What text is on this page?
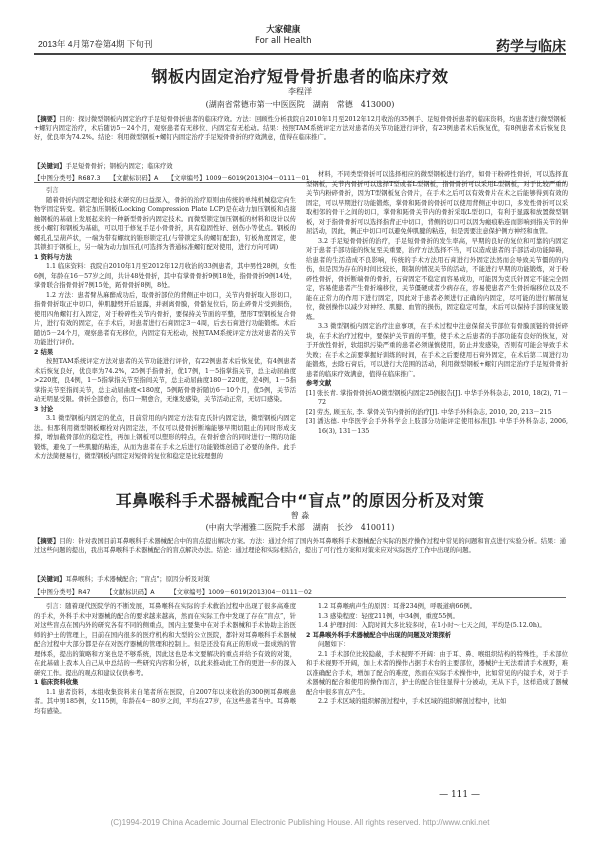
2013年 4月第7卷第4期 下旬刊
大家健康
For all Health	药学与临床
钢板内固定治疗短骨骨折患者的临床疗效
李程洋
(湖南省常德市第一中医医院　湖南　常德　413000)
【摘要】目的：探讨微型钢板内固定治疗手足短骨骨折患者的临床疗效。方法：回顾性分析我院自2010年1月至2012年12月收治的35例手、足短骨骨折患者的临床资料，均患者进行微型钢板+螺钉内固定治疗，术后随访5－24个月，观察患者有无移位、内固定有无松动。结果：按照TAM系统评定方法对患者的关节功能进行评价，有23例患者术后恢复优，有8例患者术后恢复良好，优良率为74.2%。结论：利用微型钢板+螺钉内固定治疗手足短骨骨折的疗效满意，值得在临床推广。
【关键词】手足短骨骨折；钢板内固定；临床疗效
【中图分类号】R687.3　　【文献标识码】A　　【文章编号】1009－6019(2013)04－0111－01

引言

随着骨折内固定理论和技术研究的日益深入，骨折的治疗原则由传统的单纯机械稳定向生物学固定转变。锁定加压钢板(Locking Compression Plate LCP)是在动力加压钢板和点接触钢板的基础上发展起来的一种新型骨折内固定技术。而微型锁定加压钢板的材料和设计以传统小螺钉和钢板为基础，可以用于修复手足小骨骨折，具有稳固性好、创伤小等优点。钢板的螺孔孔呈葫芦状，一端为带有螺纹的锥形锁定孔(与带锁定头的螺钉配套)，钉板角度固定，使其锁扣于钢板上，另一端为动力加压孔(可选择为普通标准螺钉配对使用，进行方向可调)

1 资料与方法

1.1 临床资料：我院自2010年1月至2012年12月收治的33例患者，其中男性28例，女性6例，年龄在16－57岁之间，共计48处骨折，其中有掌骨骨折9例18处，指骨骨折9例14处，掌骨联合指骨骨折7例15处，跖骨骨折8例，8处。

1.2 方法：患者臂丛麻醉成功后，取骨折部位的背侧正中切口，关节内骨折取入形切口，指骨骨折取正中切口，伸肌腱劈开后显露，并剥离骨膜，骨骼复位后，防止碎骨片受到损伤，使用四角螺钉打入固定，对于粉碎性关节内骨折，要保持关节面的平整，塑形T型钢板复合骨片，进行有效的固定，在手术后，对患者进行石膏固定3－4周，后去石膏进行功能锻炼。术后随访5－24个月，观察患者有无移位，内固定有无松动，按照TAM系统评定方法对患者的关节功能进行评价。

2 结果

按照TAM系统评定方法对患者的关节功能进行评价，有22例患者术后恢复优，有4例患者术后恢复良好，优良率为74.2%，25例手指骨折，优17例，1－5指掌指关节，总主动屈曲度>220度，良4例，1－5指掌指关节至指间关节，总主动屈曲度180－220度，差4例，1－5指掌指关节至指间关节，总主动屈曲度<180度，5例跖骨骨折随访6－10个月，优5例，关节活动无明显受限。骨折全部愈合，伤口一期愈合，无继发感染，关节活动正常，无切口感染。

3 讨论

3.1 微型钢板内固定的优点，目前常用的内固定方法有克氏针内固定法，微型钢板内固定法。但那利用微型钢板螺栓对内固定法，不仅可以使骨折断端能够早期切阻止的同时形成支撑，增加截骨部位的稳定性，再加上钢板可以塑形的特点，在骨折愈合的同时进行一期的功能锻炼，避免了一些肌腱的粘连，从而为患者在手术之后进行功能锻炼创造了必要的条件。此手术方法简便易行，微型钢板内固定对短骨的复位和稳定是比较理想的

材料，不同类型骨折可以选择相应的微型钢板进行治疗，如骨干粉碎性骨折，可以选择直型钢板，关节内骨折可以选择T型或者L型钢板，指骨骨折可以采用L型钢板，对于比较严重的关节内粉碎骨折，因为T型钢板复合骨片，在手术之后可以有效骨片在术之后能够得到有效的固定，可以早期进行功能锻炼，掌骨和跖骨的骨折可以使用背侧正中切口，多发性骨折可以采取相邻的骨干之间的切口，掌骨和跖骨关节内的骨折采取L型切口，有利于显露和放置微型钢板，对于指骨骨折可以选择指背正中切口，背侧的切口可以因为瘢痕粘连而影响到指关节的伸屈活动，因此，侧正中切口可以避免伸肌腱的粘连，但是需要注意保护侧方神经和血管。

3.2 手足短骨骨折的治疗，手足短骨骨折的发生率高，早期的良好的复位和可靠的内固定对于患者手部功能的恢复至关重要，治疗方法选择不当，可以造成患者的手部活动功能障碍，给患者的生活造成不良影响，传统的手术方法用石膏进行外固定法然而会导致关节僵的的内伤，但是因为存在的时间比较长，限制的情况关节的活动，不能进行早期的功能锻炼，对于粉碎性骨折，骨折断端骨的骨折，石膏固定不稳定而容易成功，可能因为克氏针固定不能完全固定，容易使患者产生骨折端移位，关节僵硬或者少病存在，容易使患者产生骨折端移位以及不能在正常力的作用下进行固定，因此对于患者必须进行正确的内固定，尽可能的进行解剖复位，微创操作以减少对神经、肌腱、血管的损伤，固定稳定可靠，术后可以保持手部的康复锻炼。

3.3 微型钢板内固定治疗注意事项，在手术过程中注意保留关节部位有骨膜顶链的骨折碎块，在手术治疗过程中，要保护关节面的平整，使手术之后患者的手部功能有良好的恢复，对于开放性骨折，软组织污染严重的患者必须谨慎使用，防止并发感染，否则有可能会导致手术失败；在手术之前要掌握好训练的时间，在手术之后要使用石膏外固定，在术后第二周进行功能锻炼，去除石膏后，可以进行大范围的活动，利用微型钢板+螺钉内固定治疗手足短骨骨折患者的临床疗效满意，值得在临床推广。

参考文献

[1] 张长青. 掌指骨骨折AO微型钢板内固定25例报告[J]. 中华手外科杂志, 2010, 18(2), 71－72

[2] 劳杰, 顾玉东, 李. 掌骨关节内骨折的治疗[J]. 中华手外科杂志, 2010, 20, 213－215

[3] 潘达德. 中华医学会手外科学会上肢部分功能评定使用标准[J]. 中华手外科杂志, 2006, 16(3), 131－135

耳鼻喉科手术器械配合中“盲点”的原因分析及对策
曾 淼
(中南大学湘雅二医院手术部　湖南　长沙　410011)
【摘要】目的：针对我国目前耳鼻喉科手术器械配合中的盲点提出解决方案。方法：通过介绍了国内外耳鼻喉科手术器械配合实际的医疗操作过程中常见的问题和盲点进行实验分析。结果：通过这些问题的提出，我出耳鼻喉科手术器械配合的盲点解决办法。结论：通过理论和实际相结合，提出了可行性方案和对策来应对实际医疗工作中出现的问题。
【关键词】耳鼻喉科；手术器械配合；"盲点"；原因分析及对策
【中图分类号】R47　　　【文献标识码】A　　　【文章编号】1009－6019(2013)04－0111－02

引言：随着现代医院学的不断发展，耳鼻喉科在实际的手术救治过程中出现了很多高难度的手术，外科手术中对器械的配合的要求越来越高，然而在实际工作中发现了存在“盲点”，针对这些盲点在国内外的研究各有不同的侧重点，国内主要集中在对手术器械和手术协助主治医师的护士的管理上，目前在国内很多的医疗机构和大型的公立医院，都针对耳鼻喉科手术器械配合过程中大部分都是存在对医疗器械的管理和控制上。但是还没有真正的形成一套成熟的管理体系，提出的策略和方案也是不够系统，因此这也是本文要解决的重点并给予有效的对策，在此基础上我本人自己从中总结的一些研究内容和分析，以此来推动此工作的更进一步的深入研究工作。提出的观点和建议仅供参考。

1 临床资料收集

1.1 患者资料，本组收集资料来自笔者所在医院，自2007年以来收治的300例耳鼻喉患者。其中男185例，女115例，年龄在4－80岁之间，平均在27岁，在这些患者当中。耳鼻喉均有感染。

1.2 耳鼻喉病声生的原因：耳聋234例，呼吸道病66例。

1.3 感染程度：轻度211例，中34例，重度55例。

1.4 护理时间：入院时间大多比较多时，在1小时～七天之间，平均是(5.12.0h)。

2 耳鼻喉外科手术器械配合中出现的问题及对策探析

问题如下：

2.1 手术部位比较隐蔽，手术视野不开阔：由于耳、鼻、喉组织结构的特殊性，手术部位和手术视野不开阔，加上术者的操作占据手术台的主要部位，器械护士无法看清手术视野，难以准确配合手术，增加了配合的难度，然而在实际手术操作中，比如常见的内镜手术，对于手术器械的配合和使用的操作而言，护士的配合往往显得十分被动，无从下手，这样造成了器械配合中很多盲点产生。

2.2 手术区域的组织解剖过程中，手术区域的组织解剖过程中，比如

— 111 —
(C)1994-2019 China Academic Journal Electronic Publishing House. All rights reserved. http://www.cnki.net
